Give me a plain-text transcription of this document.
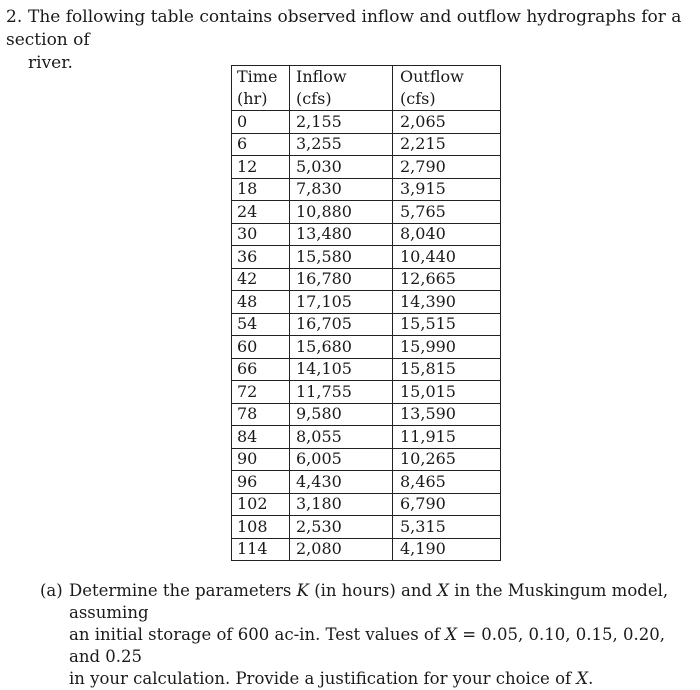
2. The following table contains observed inflow and outflow hydrographs for a section of
river.
Time	Inflow	Outflow
(hr)	(cfs)	(cfs)
0	2,155	2,065
6	3,255	2,215
12	5,030	2,790
18	7,830	3,915
24	10,880	5,765
30	13,480	8,040
36	15,580	10,440
42	16,780	12,665
48	17,105	14,390
54	16,705	15,515
60	15,680	15,990
66	14,105	15,815
72	11,755	15,015
78	9,580	13,590
84	8,055	11,915
90	6,005	10,265
96	4,430	8,465
102	3,180	6,790
108	2,530	5,315
114	2,080	4,190
(a) Determine the parameters K (in hours) and X in the Muskingum model, assuming
an initial storage of 600 ac-in. Test values of X = 0.05, 0.10, 0.15, 0.20, and 0.25
in your calculation. Provide a justification for your choice of X.
